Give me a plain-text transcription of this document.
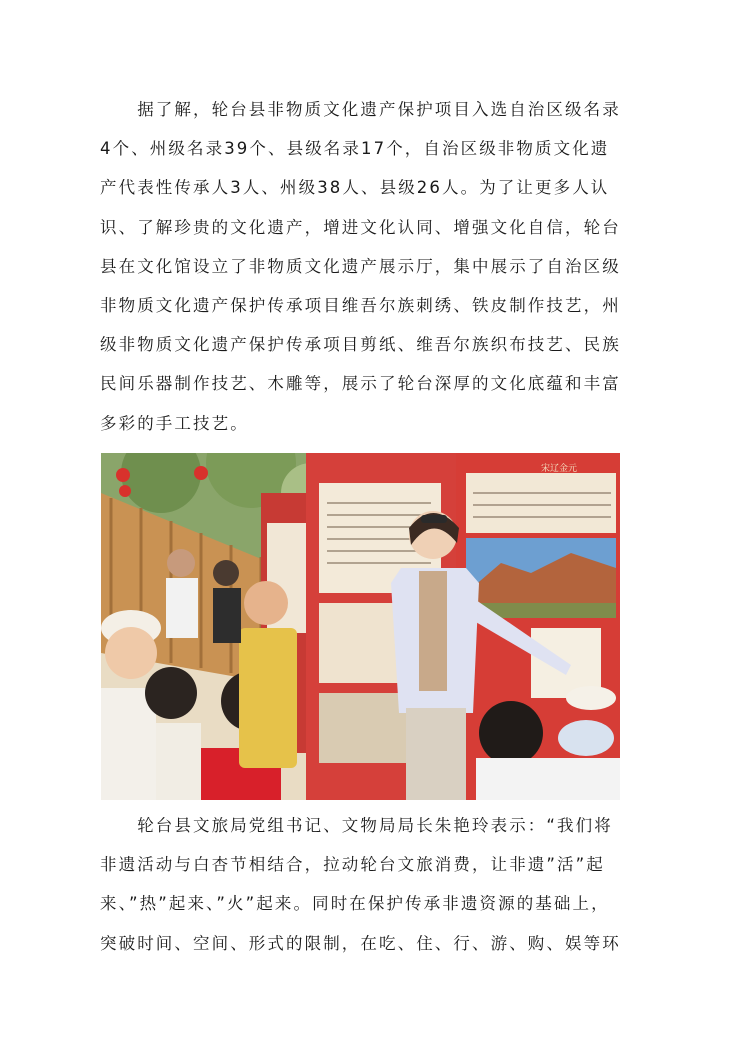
　　据了解，轮台县非物质文化遗产保护项目入选自治区级名录
4个、州级名录39个、县级名录17个，自治区级非物质文化遗
产代表性传承人3人、州级38人、县级26人。为了让更多人认
识、了解珍贵的文化遗产，增进文化认同、增强文化自信，轮台
县在文化馆设立了非物质文化遗产展示厅，集中展示了自治区级
非物质文化遗产保护传承项目维吾尔族刺绣、铁皮制作技艺，州
级非物质文化遗产保护传承项目剪纸、维吾尔族织布技艺、民族
民间乐器制作技艺、木雕等，展示了轮台深厚的文化底蕴和丰富
多彩的手工技艺。
宋辽金元
　　轮台县文旅局党组书记、文物局局长朱艳玲表示：“我们将
非遗活动与白杏节相结合，拉动轮台文旅消费，让非遗”活”起
来、”热”起来、”火”起来。同时在保护传承非遗资源的基础上，
突破时间、空间、形式的限制，在吃、住、行、游、购、娱等环
